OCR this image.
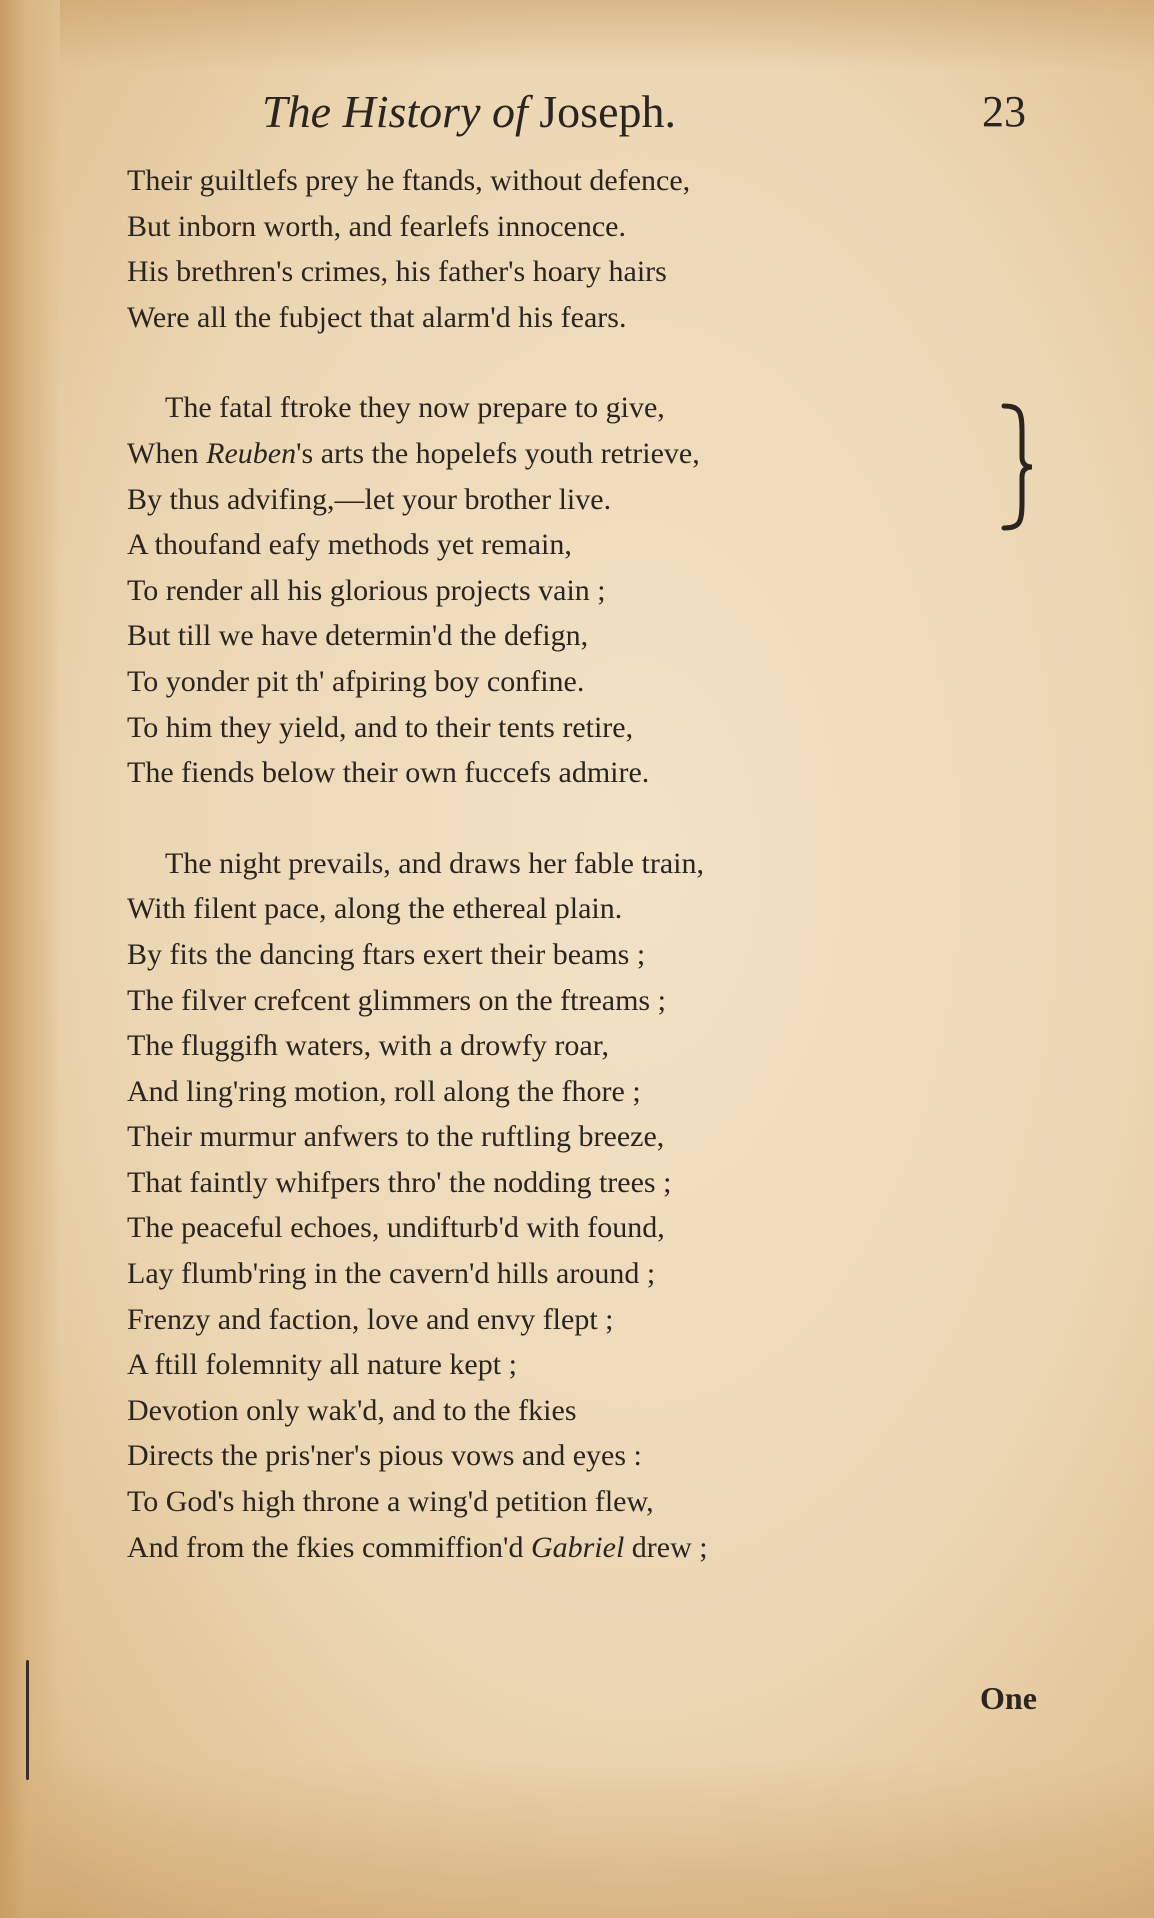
The History of Joseph.	23
Their guiltlefs prey he ftands, without defence,
But inborn worth, and fearlefs innocence.
His brethren's crimes, his father's hoary hairs
Were all the fubject that alarm'd his fears.
The fatal ftroke they now prepare to give,
When Reuben's arts the hopelefs youth retrieve,
By thus advifing,—let your brother live.
A thoufand eafy methods yet remain,
To render all his glorious projects vain ;
But till we have determin'd the defign,
To yonder pit th' afpiring boy confine.
To him they yield, and to their tents retire,
The fiends below their own fuccefs admire.
The night prevails, and draws her fable train,
With filent pace, along the ethereal plain.
By fits the dancing ftars exert their beams ;
The filver crefcent glimmers on the ftreams ;
The fluggifh waters, with a drowfy roar,
And ling'ring motion, roll along the fhore ;
Their murmur anfwers to the ruftling breeze,
That faintly whifpers thro' the nodding trees ;
The peaceful echoes, undifturb'd with found,
Lay flumb'ring in the cavern'd hills around ;
Frenzy and faction, love and envy flept ;
A ftill folemnity all nature kept ;
Devotion only wak'd, and to the fkies
Directs the pris'ner's pious vows and eyes :
To God's high throne a wing'd petition flew,
And from the fkies commiffion'd Gabriel drew ;
One
